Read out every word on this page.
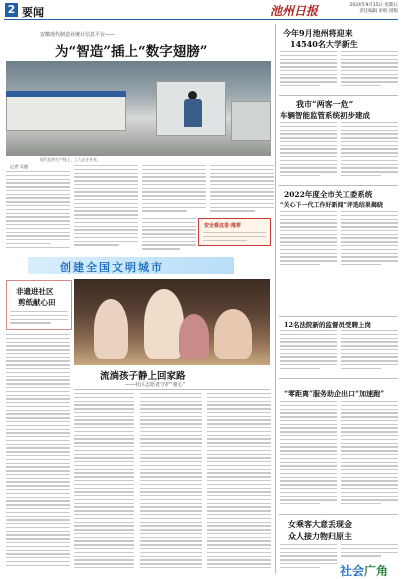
2 要闻	池州日报	2024年9月15日 星期日
责任编辑 审校 排版
安徽现代制造业统计信息平台——
为“智造”插上“数字翅膀”
现代化的生产线上，工人正在作业。
记者 吴越
安全看这里·推荐
创建全国文明城市
非遗进社区
剪纸献心田
流淌孩子静上回家路
——社区志愿者守护“童心”
今年9月池州将迎来
14540名大学新生
我市“两客一危”
车辆智能监管系统初步建成
2022年度全市关工委系统
“关心下一代工作好新闻”评选结果揭晓
12名法院新的监督员受聘上岗
“零距离”服务助企出口“加速跑”
女乘客大意丢现金
众人接力物归原主
社会广角
